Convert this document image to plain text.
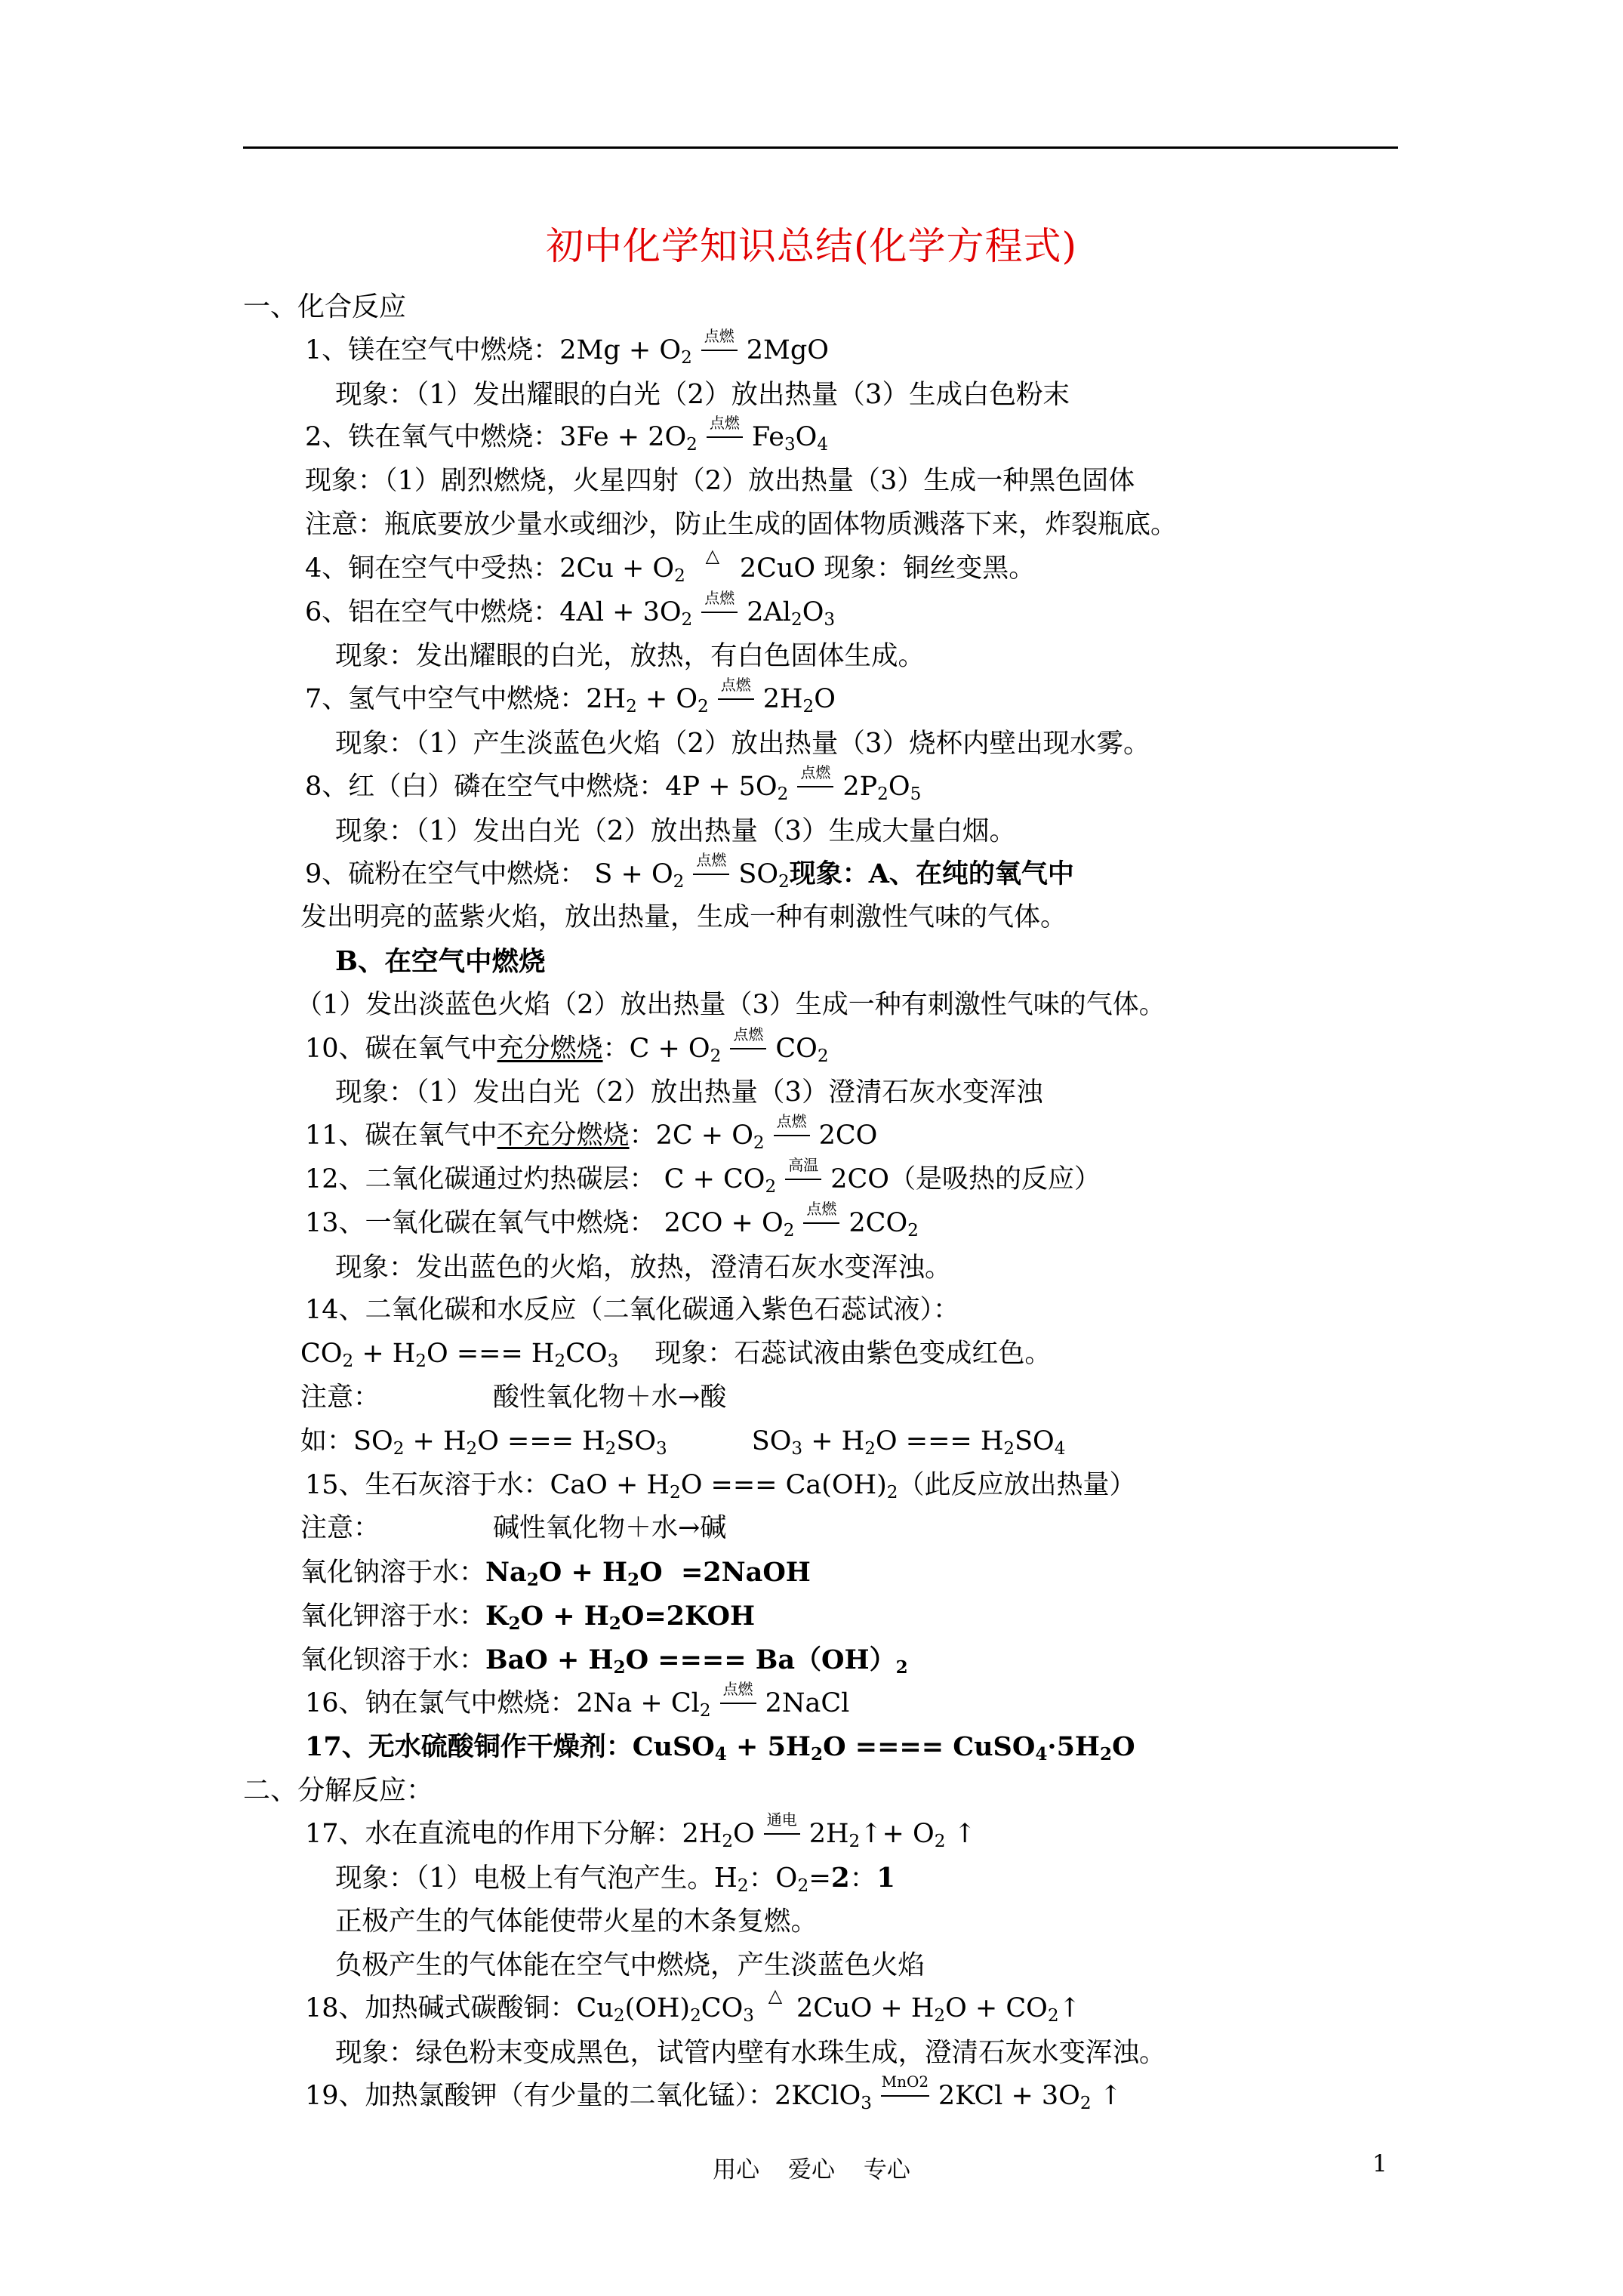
初中化学知识总结(化学方程式)
一、化合反应
1、镁在空气中燃烧：$2Mg + O_2$
点燃 2MgO
现象：（1）发出耀眼的白光（2）放出热量（3）生成白色粉末
2、铁在氧气中燃烧：$3Fe + 2O_2$
点燃 $Fe_3O_4$
现象：（1）剧烈燃烧，火星四射（2）放出热量（3）生成一种黑色固体
注意：瓶底要放少量水或细沙，防止生成的固体物质溅落下来，炸裂瓶底。
4、铜在空气中受热：$2Cu + O_2$
△ 2CuO 现象：铜丝变黑。
6、铝在空气中燃烧：$4Al + 3O_2$
点燃 $2Al_2O_3$
现象：发出耀眼的白光，放热，有白色固体生成。
7、氢气中空气中燃烧：$2H_2 + O_2$
点燃 $2H_2O$
现象：（1）产生淡蓝色火焰（2）放出热量（3）烧杯内壁出现水雾。
8、红（白）磷在空气中燃烧：$4P + 5O_2$
点燃 $2P_2O_5$
现象：（1）发出白光（2）放出热量（3）生成大量白烟。
9、硫粉在空气中燃烧： $S + O_2$
点燃 $SO_2$现象：A、在纯的氧气中
发出明亮的蓝紫火焰，放出热量，生成一种有刺激性气味的气体。
B、在空气中燃烧
（1）发出淡蓝色火焰（2）放出热量（3）生成一种有刺激性气味的气体。
10、碳在氧气中充分燃烧：$C + O_2$
点燃 $CO_2$
现象：（1）发出白光（2）放出热量（3）澄清石灰水变浑浊
11、碳在氧气中不充分燃烧：$2C + O_2$
点燃 2CO
12、二氧化碳通过灼热碳层： $C + CO_2$
高温 2CO（是吸热的反应）
13、一氧化碳在氧气中燃烧： $2CO + O_2$
点燃 $2CO_2$
现象：发出蓝色的火焰，放热，澄清石灰水变浑浊。
14、二氧化碳和水反应（二氧化碳通入紫色石蕊试液）：
$CO_2 + H_2O$ === $H_2CO_3$ 现象：石蕊试液由紫色变成红色。
注意：	酸性氧化物＋水→酸
如：$SO_2 + H_2O$ === $H_2SO_3$	$SO_3 + H_2O$ === $H_2SO_4$
15、生石灰溶于水：CaO + $H_2O$ === $Ca(OH)_2$（此反应放出热量）
注意：	碱性氧化物＋水→碱
氧化钠溶于水：$Na_2O + H_2O$  =2NaOH
氧化钾溶于水：$K_2O + H_2O=2KOH$
氧化钡溶于水：BaO + $H_2O$ ==== $Ba(OH)_2$
16、钠在氯气中燃烧：$2Na + Cl_2$
点燃 2NaCl
17、无水硫酸铜作干燥剂：CuSO$_4$ + $5H_2O$ ==== $CuSO_4\cdot 5H_2O$
二、分解反应：
17、水在直流电的作用下分解：$2H_2O$ 通电 $2H_2↑+ O_2$ ↑
现象：（1）电极上有气泡产生。$H_2$：$O_2=2$：1
正极产生的气体能使带火星的木条复燃。
负极产生的气体能在空气中燃烧，产生淡蓝色火焰
18、加热碱式碳酸铜：$Cu_2(OH)_2CO_3$
△ $2CuO + H_2O$ + $CO_2↑$
现象：绿色粉末变成黑色，试管内壁有水珠生成，澄清石灰水变浑浊。
19、加热氯酸钾（有少量的二氧化锰）：2KClO$_3$
MnO2 $2KCl + 3O_2$ ↑
用心 爱心 专心	1
